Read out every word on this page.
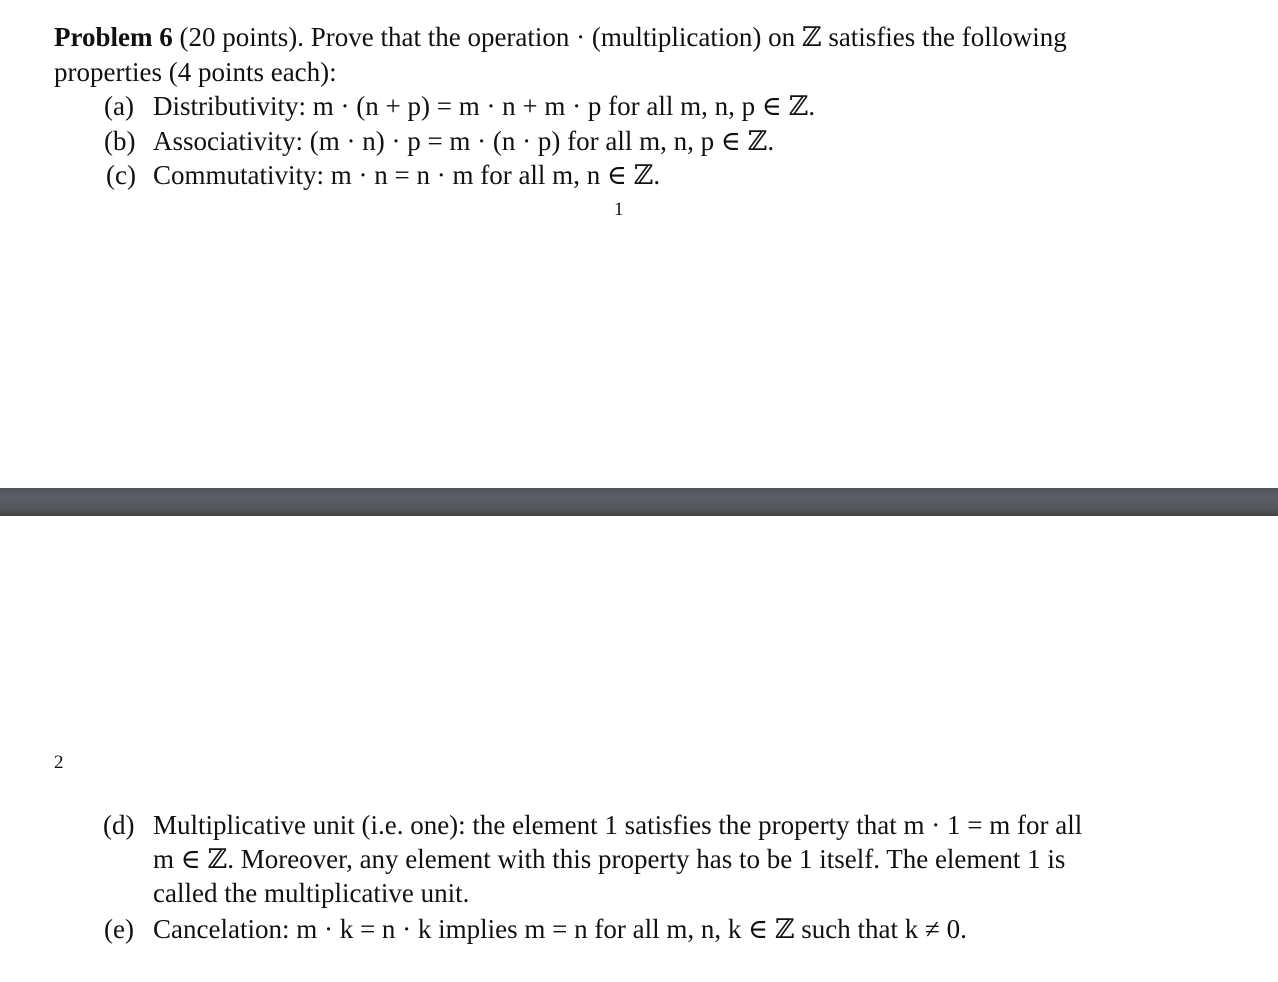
Problem 6 (20 points). Prove that the operation · (multiplication) on ℤ satisfies the following
properties (4 points each):
(a) Distributivity: m · (n + p) = m · n + m · p for all m, n, p ∈ ℤ.
(b) Associativity: (m · n) · p = m · (n · p) for all m, n, p ∈ ℤ.
(c) Commutativity: m · n = n · m for all m, n ∈ ℤ.
1
2
(d) Multiplicative unit (i.e. one): the element 1 satisfies the property that m · 1 = m for all
m ∈ ℤ. Moreover, any element with this property has to be 1 itself. The element 1 is
called the multiplicative unit.
(e) Cancelation: m · k = n · k implies m = n for all m, n, k ∈ ℤ such that k ≠ 0.
